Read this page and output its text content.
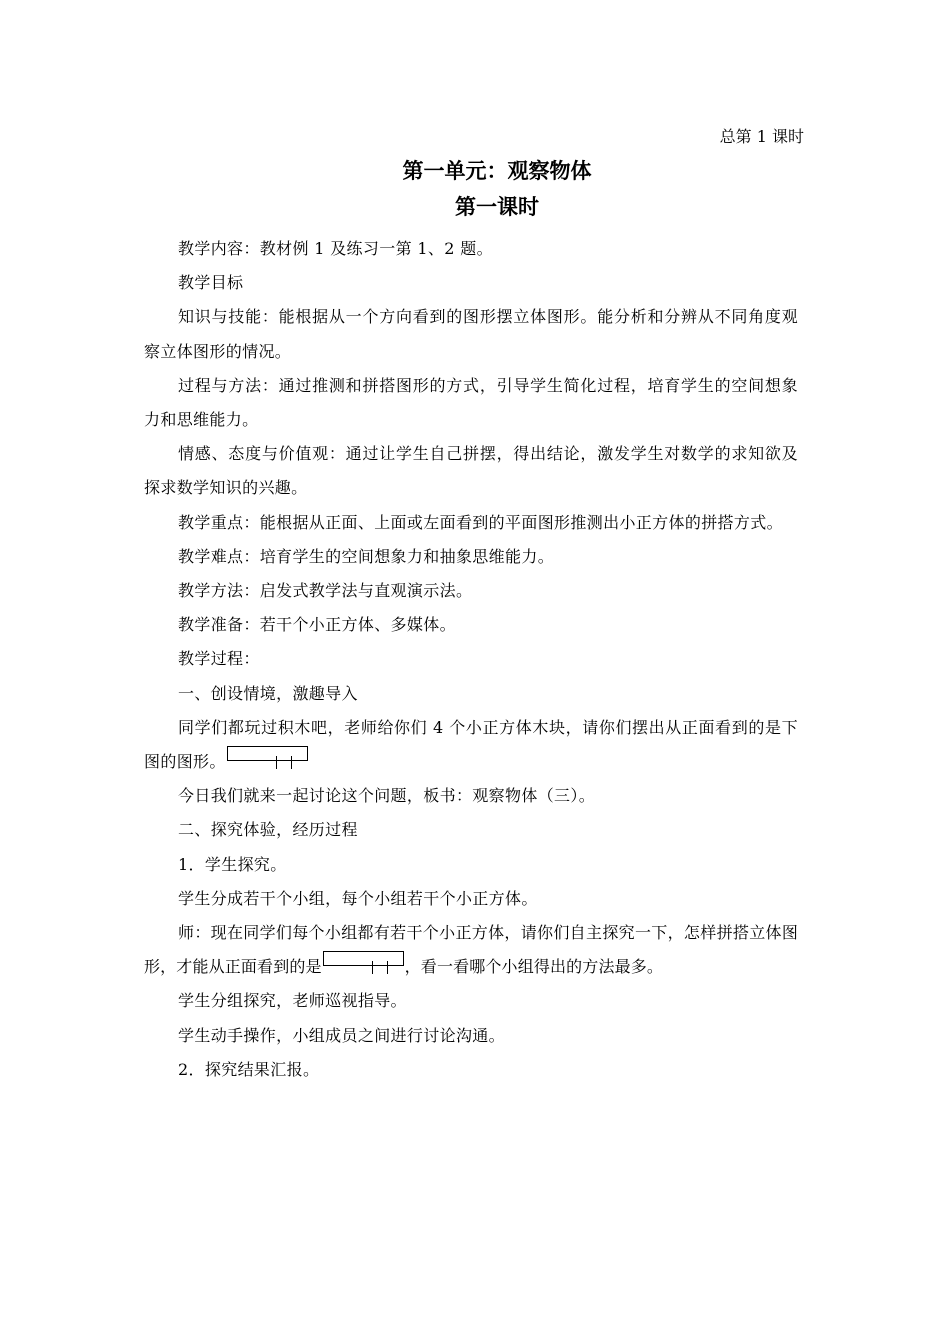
总第 1 课时
第一单元：观察物体
第一课时

教学内容：教材例 1 及练习一第 1、2 题。

教学目标

知识与技能：能根据从一个方向看到的图形摆立体图形。能分析和分辨从不同角度观察立体图形的情况。

过程与方法：通过推测和拼搭图形的方式，引导学生简化过程，培育学生的空间想象力和思维能力。

情感、态度与价值观：通过让学生自己拼摆，得出结论，激发学生对数学的求知欲及探求数学知识的兴趣。

教学重点：能根据从正面、上面或左面看到的平面图形推测出小正方体的拼搭方式。

教学难点：培育学生的空间想象力和抽象思维能力。

教学方法：启发式教学法与直观演示法。

教学准备：若干个小正方体、多媒体。

教学过程：

一、创设情境，激趣导入

同学们都玩过积木吧，老师给你们 4 个小正方体木块，请你们摆出从正面看到的是下图的图形。

今日我们就来一起讨论这个问题，板书：观察物体（三）。

二、探究体验，经历过程

1．学生探究。

学生分成若干个小组，每个小组若干个小正方体。

师：现在同学们每个小组都有若干个小正方体，请你们自主探究一下，怎样拼搭立体图形，才能从正面看到的是	，看一看哪个小组得出的方法最多。

学生分组探究，老师巡视指导。

学生动手操作，小组成员之间进行讨论沟通。

2．探究结果汇报。
